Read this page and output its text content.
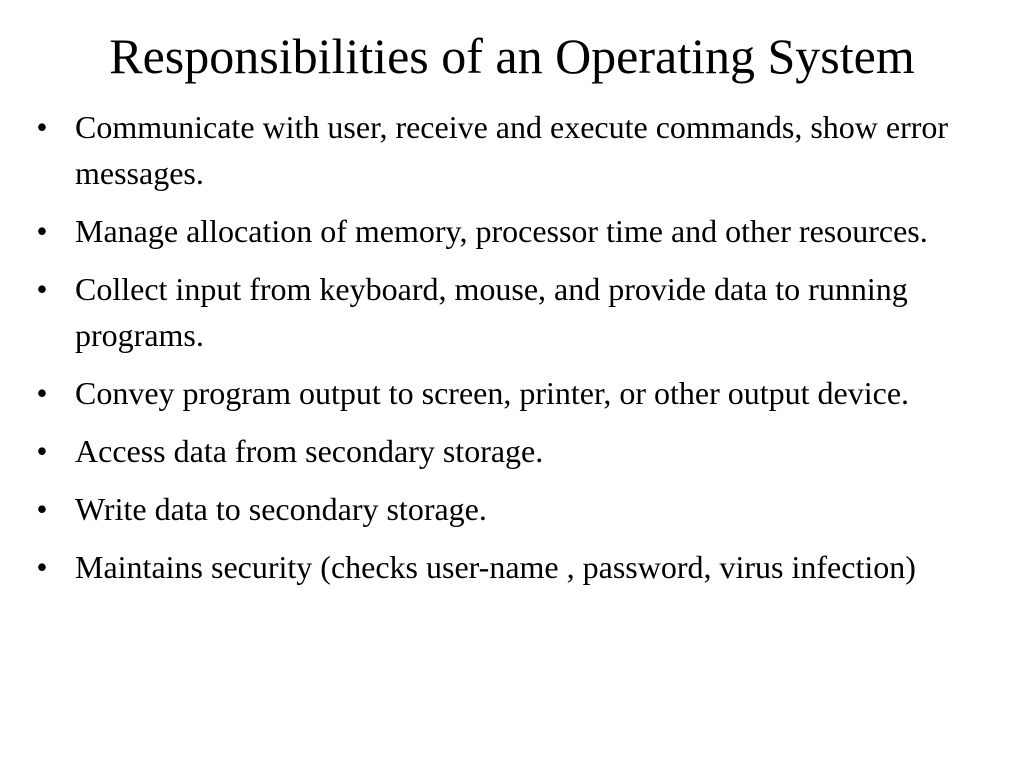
Responsibilities of an Operating System
• Communicate with user, receive and execute commands, show error messages.
• Manage allocation of memory, processor time and other resources.
• Collect input from keyboard, mouse, and provide data to running programs.
• Convey program output to screen, printer, or other output device.
• Access data from secondary storage.
• Write data to secondary storage.
• Maintains security (checks user-name , password, virus infection)
